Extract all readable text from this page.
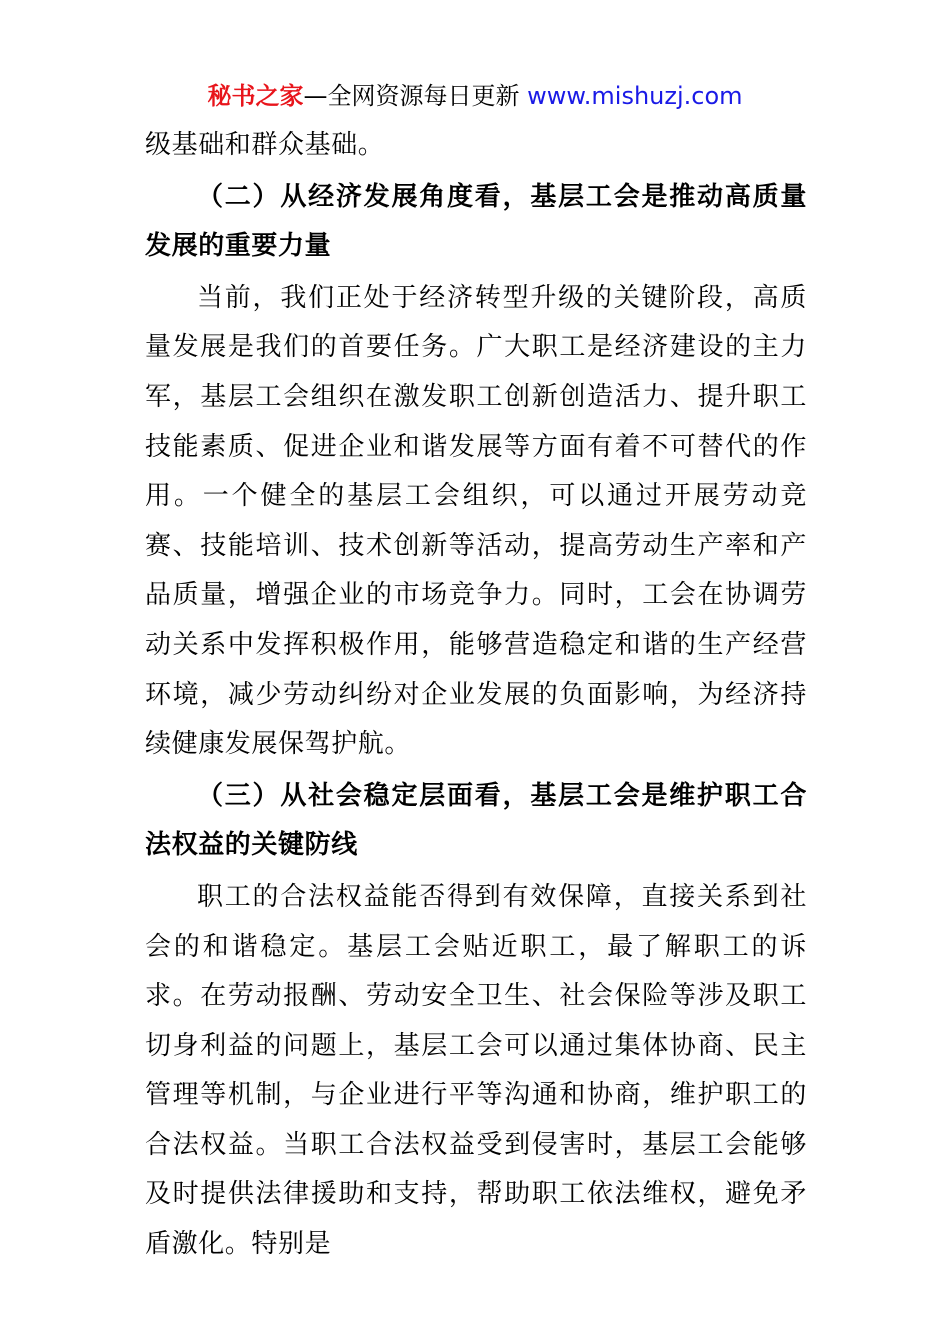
秘书之家—全网资源每日更新 www.mishuzj.com

级基础和群众基础。

（二）从经济发展角度看，基层工会是推动高质量发展的重要力量

当前，我们正处于经济转型升级的关键阶段，高质量发展是我们的首要任务。广大职工是经济建设的主力军，基层工会组织在激发职工创新创造活力、提升职工技能素质、促进企业和谐发展等方面有着不可替代的作用。一个健全的基层工会组织，可以通过开展劳动竞赛、技能培训、技术创新等活动，提高劳动生产率和产品质量，增强企业的市场竞争力。同时，工会在协调劳动关系中发挥积极作用，能够营造稳定和谐的生产经营环境，减少劳动纠纷对企业发展的负面影响，为经济持续健康发展保驾护航。

（三）从社会稳定层面看，基层工会是维护职工合法权益的关键防线

职工的合法权益能否得到有效保障，直接关系到社会的和谐稳定。基层工会贴近职工，最了解职工的诉求。在劳动报酬、劳动安全卫生、社会保险等涉及职工切身利益的问题上，基层工会可以通过集体协商、民主管理等机制，与企业进行平等沟通和协商，维护职工的合法权益。当职工合法权益受到侵害时，基层工会能够及时提供法律援助和支持，帮助职工依法维权，避免矛盾激化。特别是
